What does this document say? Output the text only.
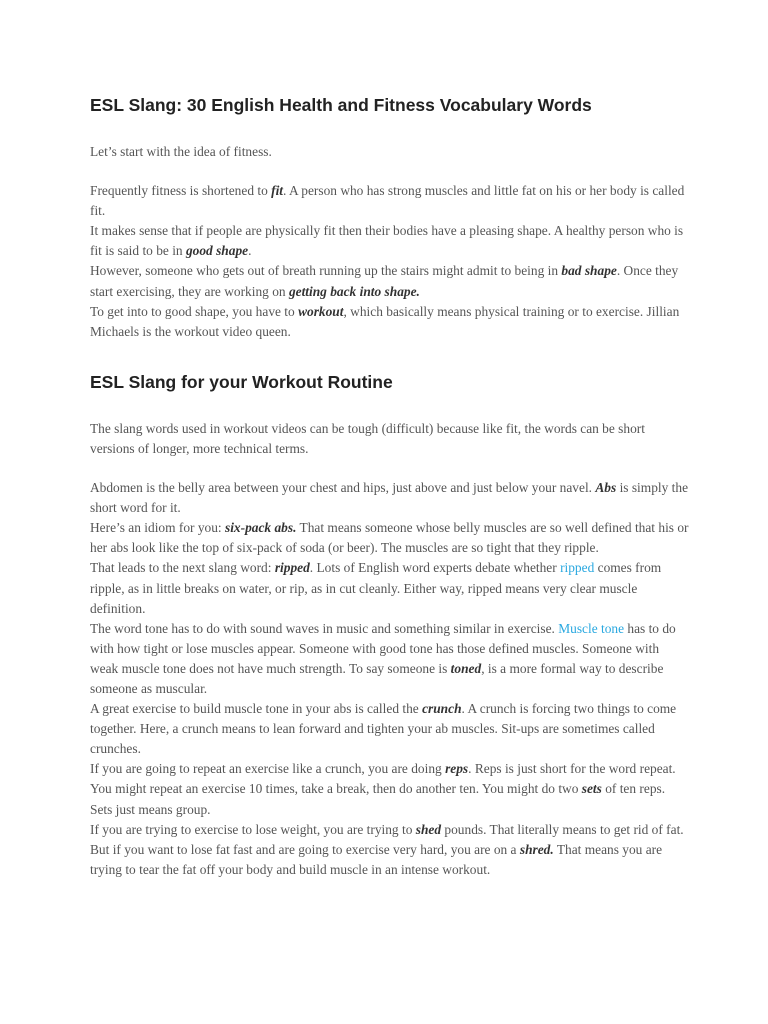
ESL Slang: 30 English Health and Fitness Vocabulary Words

Let’s start with the idea of fitness.

Frequently fitness is shortened to fit. A person who has strong muscles and little fat on his or her body is called fit.
It makes sense that if people are physically fit then their bodies have a pleasing shape. A healthy person who is fit is said to be in good shape.
However, someone who gets out of breath running up the stairs might admit to being in bad shape. Once they start exercising, they are working on getting back into shape.
To get into to good shape, you have to workout, which basically means physical training or to exercise. Jillian Michaels is the workout video queen.

ESL Slang for your Workout Routine

The slang words used in workout videos can be tough (difficult) because like fit, the words can be short versions of longer, more technical terms.

Abdomen is the belly area between your chest and hips, just above and just below your navel. Abs is simply the short word for it.
Here’s an idiom for you: six-pack abs. That means someone whose belly muscles are so well defined that his or her abs look like the top of six-pack of soda (or beer). The muscles are so tight that they ripple.
That leads to the next slang word: ripped. Lots of English word experts debate whether ripped comes from ripple, as in little breaks on water, or rip, as in cut cleanly. Either way, ripped means very clear muscle definition.
The word tone has to do with sound waves in music and something similar in exercise. Muscle tone has to do with how tight or lose muscles appear. Someone with good tone has those defined muscles. Someone with weak muscle tone does not have much strength. To say someone is toned, is a more formal way to describe someone as muscular.
A great exercise to build muscle tone in your abs is called the crunch. A crunch is forcing two things to come together. Here, a crunch means to lean forward and tighten your ab muscles. Sit-ups are sometimes called crunches.
If you are going to repeat an exercise like a crunch, you are doing reps. Reps is just short for the word repeat. You might repeat an exercise 10 times, take a break, then do another ten. You might do two sets of ten reps. Sets just means group.
If you are trying to exercise to lose weight, you are trying to shed pounds. That literally means to get rid of fat. But if you want to lose fat fast and are going to exercise very hard, you are on a shred. That means you are trying to tear the fat off your body and build muscle in an intense workout.
